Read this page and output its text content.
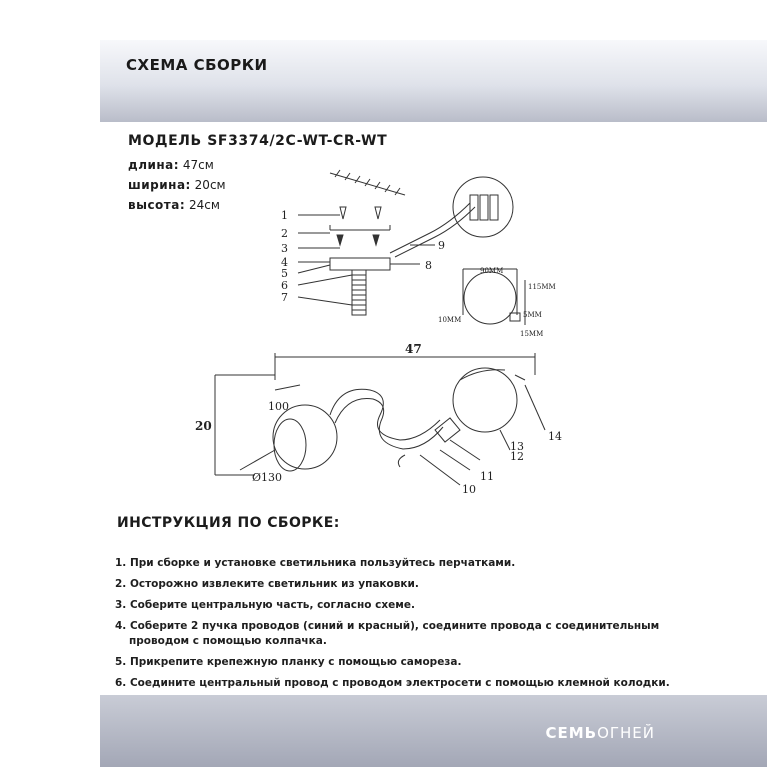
СХЕМА СБОРКИ
МОДЕЛЬ SF3374/2C-WT-CR-WT
длина: 47см
ширина: 20см
высота: 24см
1
2
3
4
5
6
7
8
9
10
11
12
13
14
47
20
100
Ø130
90MM
115MM
10MM
5MM
15MM
ИНСТРУКЦИЯ ПО СБОРКЕ:
1. При сборке и установке светильника пользуйтесь перчатками.
2. Осторожно извлеките светильник из упаковки.
3. Соберите центральную часть, согласно схеме.
4. Соберите 2 пучка проводов (синий и красный), соедините провода с соединительным
проводом с помощью колпачка.
5. Прикрепите крепежную планку с помощью самореза.
6. Соедините центральный провод с проводом электросети с помощью клемной колодки.
СЕМЬОГНЕЙ
